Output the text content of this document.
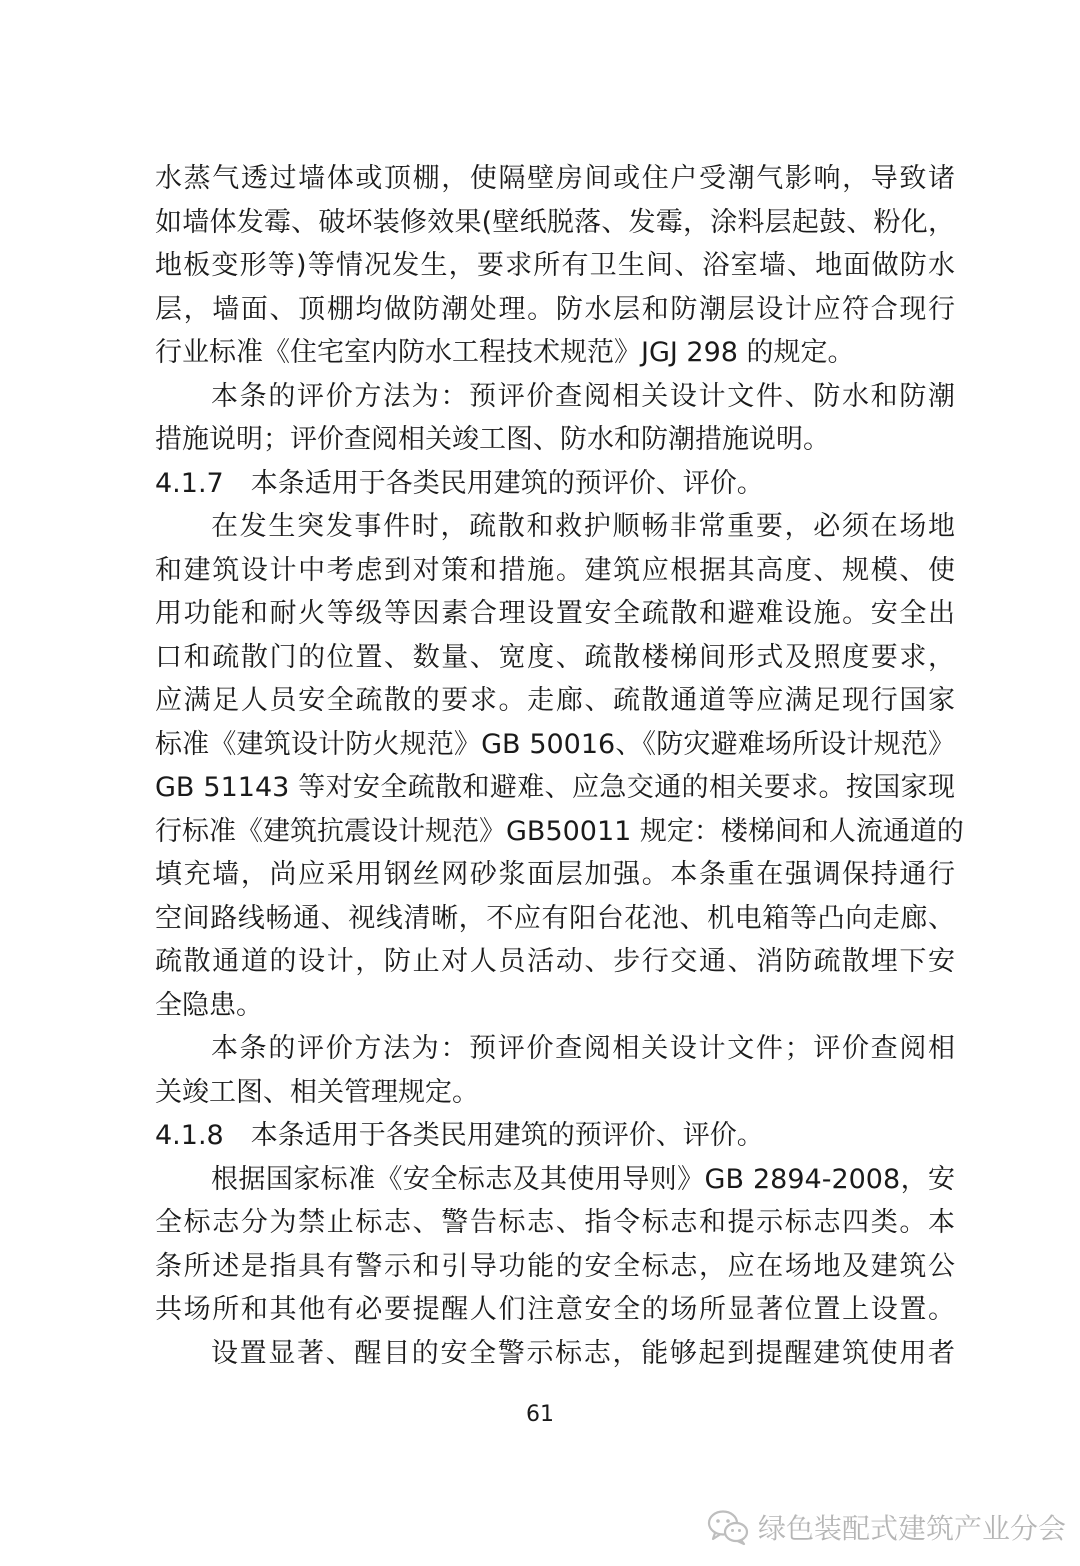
水蒸气透过墙体或顶棚，使隔壁房间或住户受潮气影响，导致诸
如墙体发霉、破坏装修效果(壁纸脱落、发霉，涂料层起鼓、粉化，
地板变形等)等情况发生，要求所有卫生间、浴室墙、地面做防水
层，墙面、顶棚均做防潮处理。防水层和防潮层设计应符合现行
行业标准《住宅室内防水工程技术规范》JGJ 298 的规定。
本条的评价方法为：预评价查阅相关设计文件、防水和防潮
措施说明；评价查阅相关竣工图、防水和防潮措施说明。
4.1.7　本条适用于各类民用建筑的预评价、评价。
在发生突发事件时，疏散和救护顺畅非常重要，必须在场地
和建筑设计中考虑到对策和措施。建筑应根据其高度、规模、使
用功能和耐火等级等因素合理设置安全疏散和避难设施。安全出
口和疏散门的位置、数量、宽度、疏散楼梯间形式及照度要求，
应满足人员安全疏散的要求。走廊、疏散通道等应满足现行国家
标准《建筑设计防火规范》GB 50016、《防灾避难场所设计规范》
GB 51143 等对安全疏散和避难、应急交通的相关要求。按国家现
行标准《建筑抗震设计规范》GB50011 规定：楼梯间和人流通道的
填充墙，尚应采用钢丝网砂浆面层加强。本条重在强调保持通行
空间路线畅通、视线清晰，不应有阳台花池、机电箱等凸向走廊、
疏散通道的设计，防止对人员活动、步行交通、消防疏散埋下安
全隐患。
本条的评价方法为：预评价查阅相关设计文件；评价查阅相
关竣工图、相关管理规定。
4.1.8　本条适用于各类民用建筑的预评价、评价。
根据国家标准《安全标志及其使用导则》GB 2894-2008，安
全标志分为禁止标志、警告标志、指令标志和提示标志四类。本
条所述是指具有警示和引导功能的安全标志，应在场地及建筑公
共场所和其他有必要提醒人们注意安全的场所显著位置上设置。
设置显著、醒目的安全警示标志，能够起到提醒建筑使用者
61
绿色装配式建筑产业分会
